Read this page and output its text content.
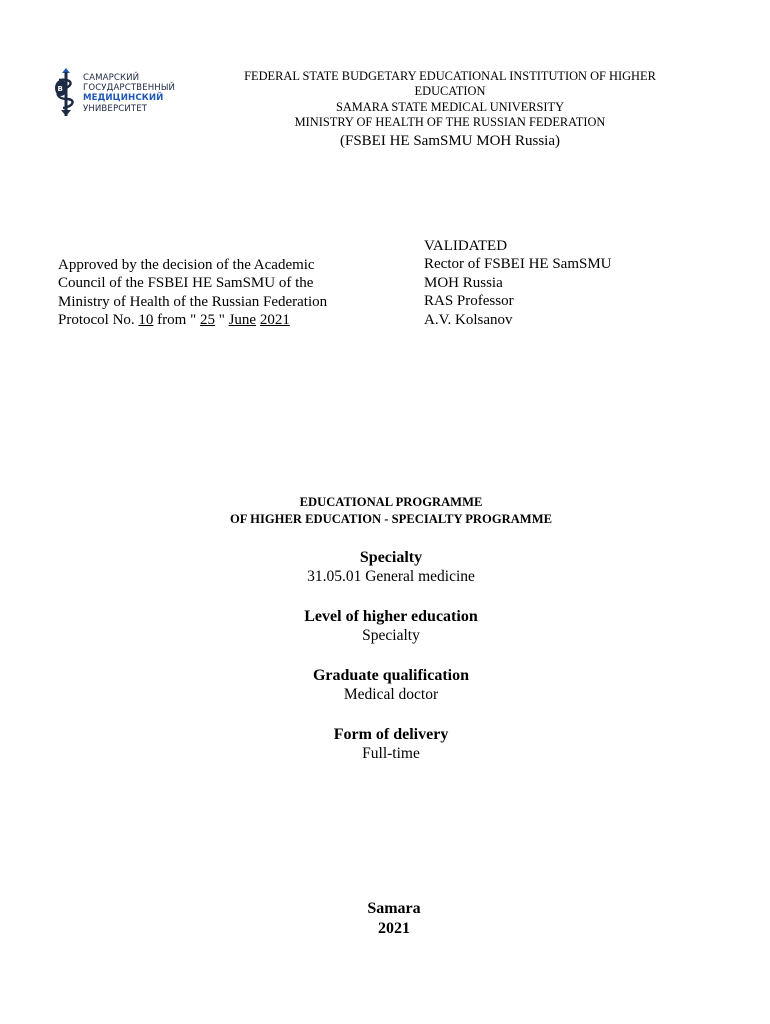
B
САМАРСКИЙ
ГОСУДАРСТВЕННЫЙ
МЕДИЦИНСКИЙ
УНИВЕРСИТЕТ
FEDERAL STATE BUDGETARY EDUCATIONAL INSTITUTION OF HIGHER
EDUCATION
SAMARA STATE MEDICAL UNIVERSITY
MINISTRY OF HEALTH OF THE RUSSIAN FEDERATION
(FSBEI HE SamSMU MOH Russia)
Approved by the decision of the Academic
Council of the FSBEI HE SamSMU of the
Ministry of Health of the Russian Federation
Protocol No. 10 from " 25 " June 2021
VALIDATED
Rector of FSBEI HE SamSMU
MOH Russia
RAS Professor
A.V. Kolsanov
EDUCATIONAL PROGRAMME
OF HIGHER EDUCATION - SPECIALTY PROGRAMME
Specialty
31.05.01 General medicine
Level of higher education
Specialty
Graduate qualification
Medical doctor
Form of delivery
Full-time
Samara
2021
